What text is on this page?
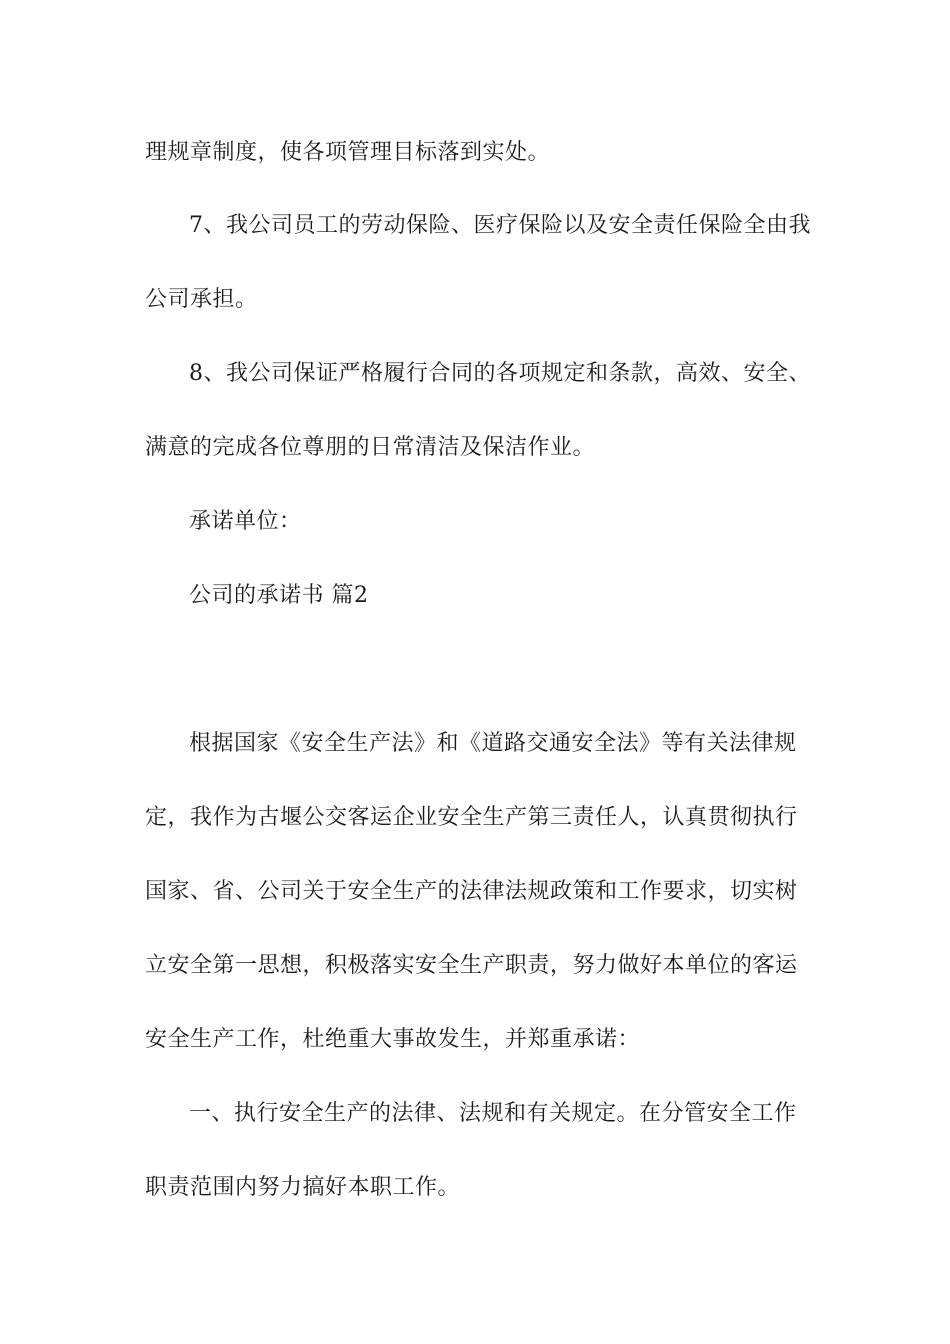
理规章制度，使各项管理目标落到实处。
7、我公司员工的劳动保险、医疗保险以及安全责任保险全由我
公司承担。
8、我公司保证严格履行合同的各项规定和条款，高效、安全、
满意的完成各位尊朋的日常清洁及保洁作业。
承诺单位：
公司的承诺书 篇2
根据国家《安全生产法》和《道路交通安全法》等有关法律规
定，我作为古堰公交客运企业安全生产第三责任人，认真贯彻执行
国家、省、公司关于安全生产的法律法规政策和工作要求，切实树
立安全第一思想，积极落实安全生产职责，努力做好本单位的客运
安全生产工作，杜绝重大事故发生，并郑重承诺：
一、执行安全生产的法律、法规和有关规定。在分管安全工作
职责范围内努力搞好本职工作。
